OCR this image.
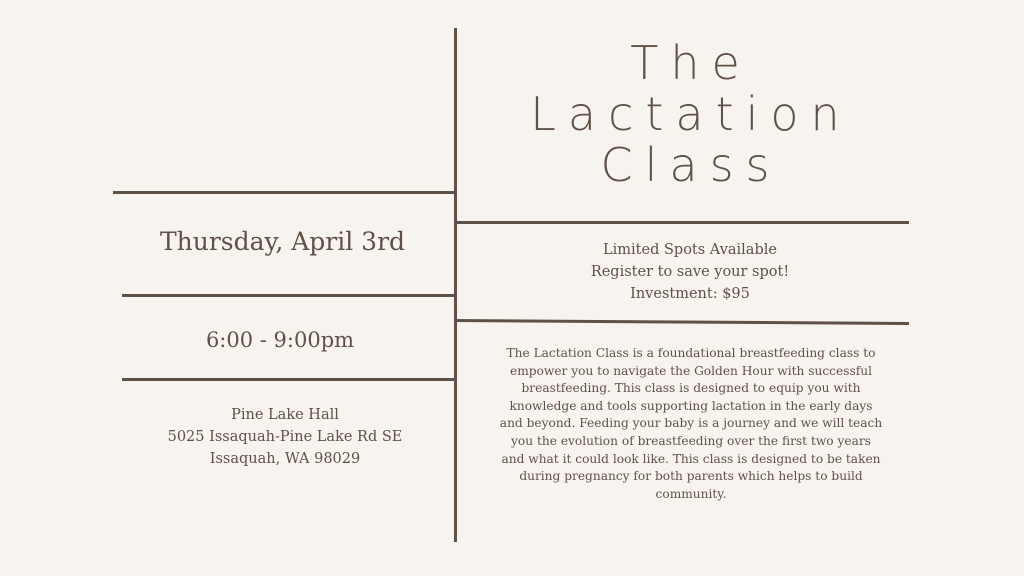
The
Lactation
Class
Thursday, April 3rd
6:00 - 9:00pm

Pine Lake Hall

5025 Issaquah-Pine Lake Rd SE

Issaquah, WA 98029

Limited Spots Available

Register to save your spot!

Investment: $95

The Lactation Class is a foundational breastfeeding class to empower you to navigate the Golden Hour with successful breastfeeding. This class is designed to equip you with knowledge and tools supporting lactation in the early days and beyond. Feeding your baby is a journey and we will teach you the evolution of breastfeeding over the first two years and what it could look like. This class is designed to be taken during pregnancy for both parents which helps to build community.
